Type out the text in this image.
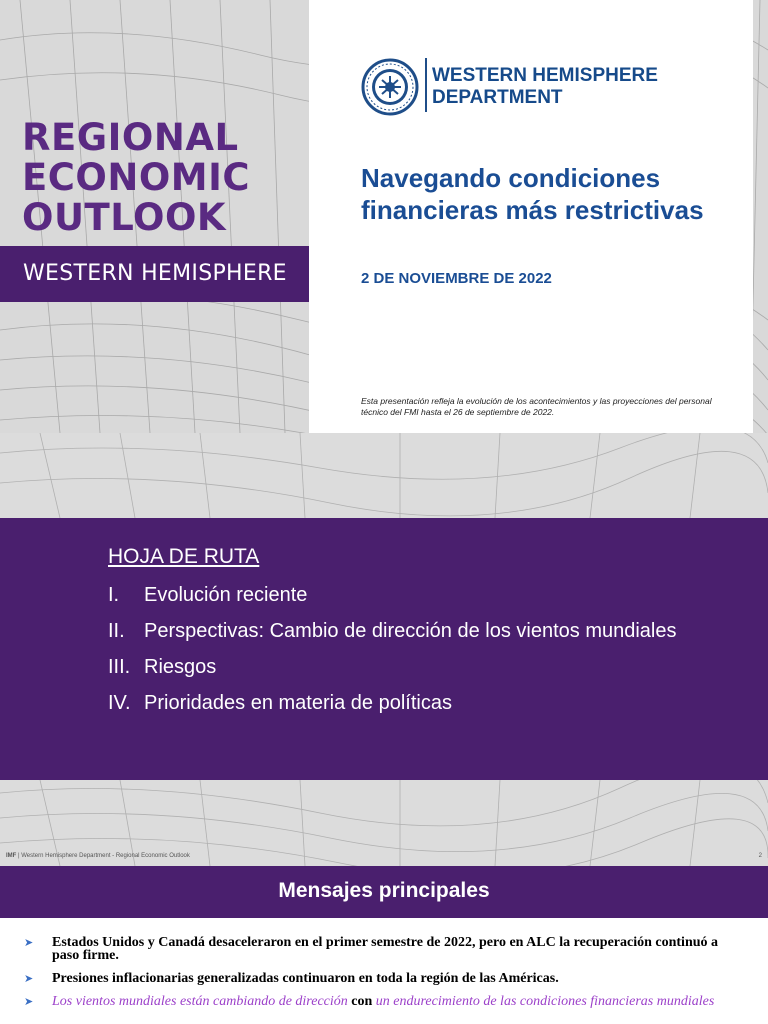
REGIONAL ECONOMIC OUTLOOK
WESTERN HEMISPHERE
WESTERN HEMISPHERE
DEPARTMENT
Navegando condiciones financieras más restrictivas
2 DE NOVIEMBRE DE 2022

Esta presentación refleja la evolución de los acontecimientos y las proyecciones del personal técnico del FMI hasta el 26 de septiembre de 2022.

HOJA DE RUTA
I.	Evolución reciente
II. Perspectivas: Cambio de dirección de los vientos mundiales
III. Riesgos
IV. Prioridades en materia de políticas
IMF | Western Hemisphere Department - Regional Economic Outlook	2
Mensajes principales
➤	Estados Unidos y Canadá desaceleraron en el primer semestre de 2022, pero en ALC la recuperación continuó a paso firme.
➤	Presiones inflacionarias generalizadas continuaron en toda la región de las Américas.
➤	Los vientos mundiales están cambiando de dirección con un endurecimiento de las condiciones financieras mundiales
